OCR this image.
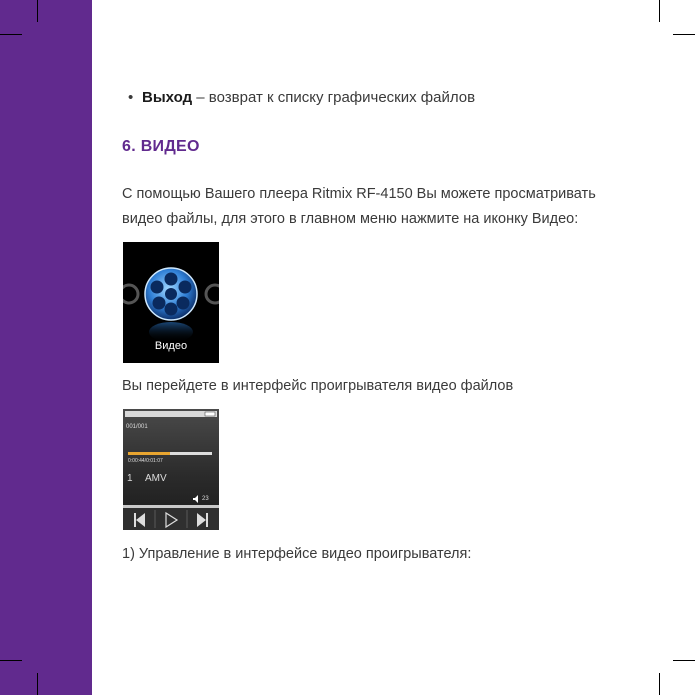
• Выход – возврат к списку графических файлов
6. ВИДЕО
С помощью Вашего плеера Ritmix RF-4150 Вы можете просматривать
видео файлы, для этого в главном меню нажмите на иконку Видео:
Видео
Вы перейдете в интерфейс проигрывателя видео файлов
001/001
0:00:44/0:01:07
1 AMV
23
1) Управление в интерфейсе видео проигрывателя:
